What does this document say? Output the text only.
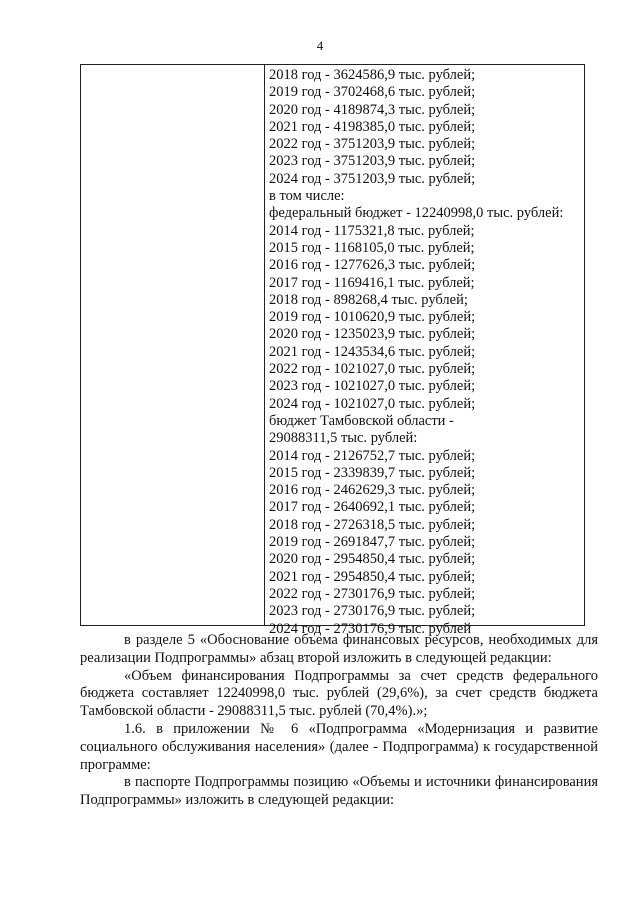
4
2018 год - 3624586,9 тыс. рублей;
2019 год - 3702468,6 тыс. рублей;
2020 год - 4189874,3 тыс. рублей;
2021 год - 4198385,0 тыс. рублей;
2022 год - 3751203,9 тыс. рублей;
2023 год - 3751203,9 тыс. рублей;
2024 год - 3751203,9 тыс. рублей;
в том числе:
федеральный бюджет - 12240998,0 тыс. рублей:
2014 год - 1175321,8 тыс. рублей;
2015 год - 1168105,0 тыс. рублей;
2016 год - 1277626,3 тыс. рублей;
2017 год - 1169416,1 тыс. рублей;
2018 год - 898268,4 тыс. рублей;
2019 год - 1010620,9 тыс. рублей;
2020 год - 1235023,9 тыс. рублей;
2021 год - 1243534,6 тыс. рублей;
2022 год - 1021027,0 тыс. рублей;
2023 год - 1021027,0 тыс. рублей;
2024 год - 1021027,0 тыс. рублей;
бюджет Тамбовской области -
29088311,5 тыс. рублей:
2014 год - 2126752,7 тыс. рублей;
2015 год - 2339839,7 тыс. рублей;
2016 год - 2462629,3 тыс. рублей;
2017 год - 2640692,1 тыс. рублей;
2018 год - 2726318,5 тыс. рублей;
2019 год - 2691847,7 тыс. рублей;
2020 год - 2954850,4 тыс. рублей;
2021 год - 2954850,4 тыс. рублей;
2022 год - 2730176,9 тыс. рублей;
2023 год - 2730176,9 тыс. рублей;
2024 год - 2730176,9 тыс. рублей

в разделе 5 «Обоснование объема финансовых ресурсов, необходимых для реализации Подпрограммы» абзац второй изложить в следующей редакции:

«Объем финансирования Подпрограммы за счет средств федерального бюджета составляет 12240998,0 тыс. рублей (29,6%), за счет средств бюджета Тамбовской области - 29088311,5 тыс. рублей (70,4%).»;

1.6. в приложении № 6 «Подпрограмма «Модернизация и развитие социального обслуживания населения» (далее - Подпрограмма) к государственной программе:

в паспорте Подпрограммы позицию «Объемы и источники финансирования Подпрограммы» изложить в следующей редакции:
